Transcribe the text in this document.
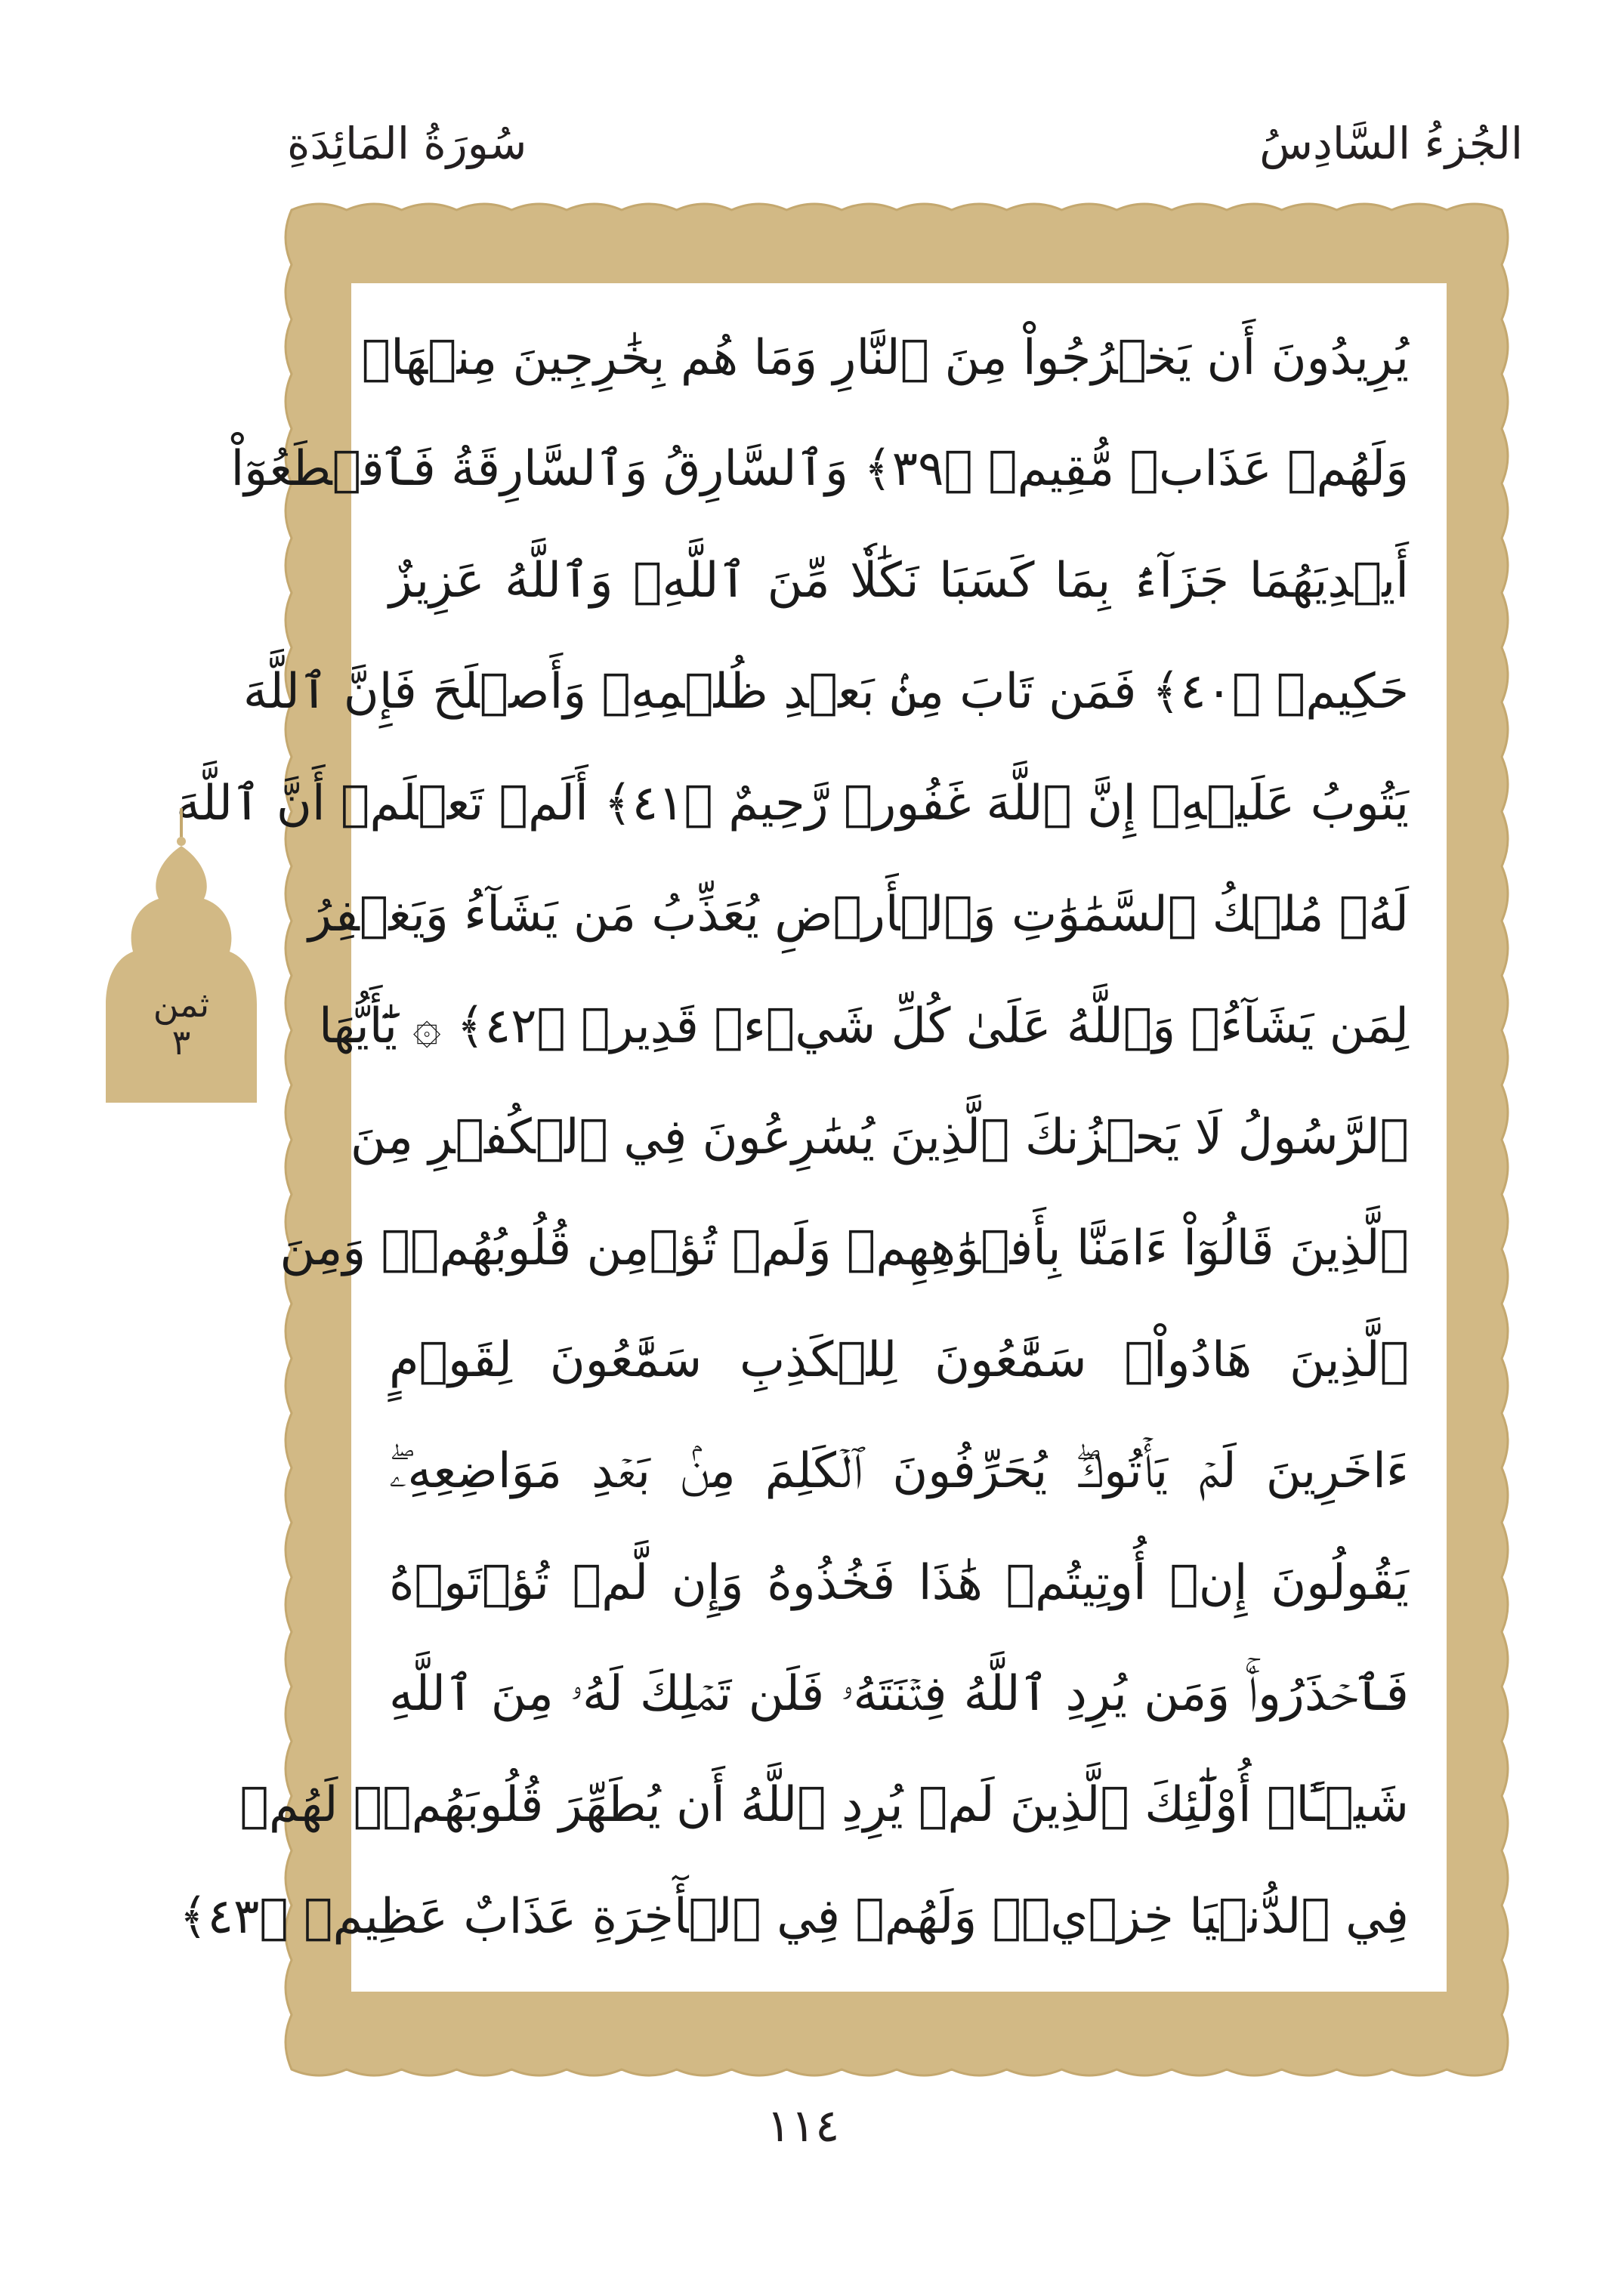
الجُزءُ السَّادِسُ
سُورَةُ المَائِدَةِ
يُرِيدُونَ أَن يَخۡرُجُواْ مِنَ ٱلنَّارِ وَمَا هُم بِخَٰرِجِينَ مِنۡهَاۖ
وَلَهُمۡ عَذَابٞ مُّقِيمٞ ﴿٣٩﴾ وَٱلسَّارِقُ وَٱلسَّارِقَةُ فَٱقۡطَعُوٓاْ
أَيۡدِيَهُمَا جَزَآءَۢ بِمَا كَسَبَا نَكَٰلٗا مِّنَ ٱللَّهِۗ وَٱللَّهُ عَزِيزٌ
حَكِيمٞ ﴿٤٠﴾ فَمَن تَابَ مِنۢ بَعۡدِ ظُلۡمِهِۦ وَأَصۡلَحَ فَإِنَّ ٱللَّهَ
يَتُوبُ عَلَيۡهِۚ إِنَّ ٱللَّهَ غَفُورٞ رَّحِيمٌ ﴿٤١﴾ أَلَمۡ تَعۡلَمۡ أَنَّ ٱللَّهَ
لَهُۥ مُلۡكُ ٱلسَّمَٰوَٰتِ وَٱلۡأَرۡضِ يُعَذِّبُ مَن يَشَآءُ وَيَغۡفِرُ
لِمَن يَشَآءُۗ وَٱللَّهُ عَلَىٰ كُلِّ شَيۡءٖ قَدِيرٞ ﴿٤٢﴾ ۞ يَٰٓأَيُّهَا
ٱلرَّسُولُ لَا يَحۡزُنكَ ٱلَّذِينَ يُسَٰرِعُونَ فِي ٱلۡكُفۡرِ مِنَ
ٱلَّذِينَ قَالُوٓاْ ءَامَنَّا بِأَفۡوَٰهِهِمۡ وَلَمۡ تُؤۡمِن قُلُوبُهُمۡۛ وَمِنَ
ٱلَّذِينَ هَادُواْۛ سَمَّٰعُونَ لِلۡكَذِبِ سَمَّٰعُونَ لِقَوۡمٍ
ءَاخَرِينَ لَمۡ يَأۡتُوكَۖ يُحَرِّفُونَ ٱلۡكَلِمَ مِنۢ بَعۡدِ مَوَاضِعِهِۦۖ
يَقُولُونَ إِنۡ أُوتِيتُمۡ هَٰذَا فَخُذُوهُ وَإِن لَّمۡ تُؤۡتَوۡهُ
فَٱحۡذَرُواْۚ وَمَن يُرِدِ ٱللَّهُ فِتۡنَتَهُۥ فَلَن تَمۡلِكَ لَهُۥ مِنَ ٱللَّهِ
شَيۡـًٔاۚ أُوْلَٰٓئِكَ ٱلَّذِينَ لَمۡ يُرِدِ ٱللَّهُ أَن يُطَهِّرَ قُلُوبَهُمۡۚ لَهُمۡ
فِي ٱلدُّنۡيَا خِزۡيٞۖ وَلَهُمۡ فِي ٱلۡأٓخِرَةِ عَذَابٌ عَظِيمٞ ﴿٤٣﴾
ثمن
٣
١١٤
